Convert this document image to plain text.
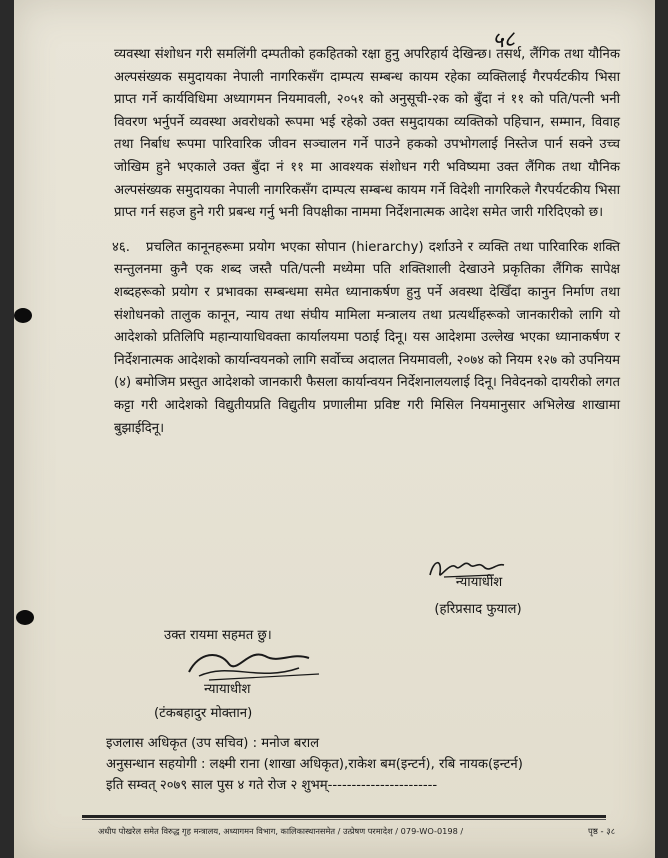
५८

व्यवस्था संशोधन गरी समलिंगी दम्पतीको हकहितको रक्षा हुनु अपरिहार्य देखिन्छ। तसर्थ, लैंगिक तथा यौनिक अल्पसंख्यक समुदायका नेपाली नागरिकसँग दाम्पत्य सम्बन्ध कायम रहेका व्यक्तिलाई गैरपर्यटकीय भिसा प्राप्त गर्ने कार्यविधिमा अध्यागमन नियमावली, २०५१ को अनुसूची-२क को बुँदा नं ११ को पति/पत्नी भनी विवरण भर्नुपर्ने व्यवस्था अवरोधको रूपमा भई रहेको उक्त समुदायका व्यक्तिको पहिचान, सम्मान, विवाह तथा निर्बाध रूपमा पारिवारिक जीवन सञ्चालन गर्ने पाउने हकको उपभोगलाई निस्तेज पार्न सक्ने उच्च जोखिम हुने भएकाले उक्त बुँदा नं ११ मा आवश्यक संशोधन गरी भविष्यमा उक्त लैंगिक तथा यौनिक अल्पसंख्यक समुदायका नेपाली नागरिकसँग दाम्पत्य सम्बन्ध कायम गर्ने विदेशी नागरिकले गैरपर्यटकीय भिसा प्राप्त गर्न सहज हुने गरी प्रबन्ध गर्नु भनी विपक्षीका नाममा निर्देशनात्मक आदेश समेत जारी गरिदिएको छ।

४६.	प्रचलित कानूनहरूमा प्रयोग भएका सोपान (hierarchy) दर्शाउने र व्यक्ति तथा पारिवारिक शक्ति सन्तुलनमा कुनै एक शब्द जस्तै पति/पत्नी मध्येमा पति शक्तिशाली देखाउने प्रकृतिका लैंगिक सापेक्ष शब्दहरूको प्रयोग र प्रभावका सम्बन्धमा समेत ध्यानाकर्षण हुनु पर्ने अवस्था देखिँदा कानुन निर्माण तथा संशोधनको तालुक कानून, न्याय तथा संघीय मामिला मन्त्रालय तथा प्रत्यर्थीहरूको जानकारीको लागि यो आदेशको प्रतिलिपि महान्यायाधिवक्ता कार्यालयमा पठाई दिनू। यस आदेशमा उल्लेख भएका ध्यानाकर्षण र निर्देशनात्मक आदेशको कार्यान्वयनको लागि सर्वोच्च अदालत नियमावली, २०७४ को नियम १२७ को उपनियम (४) बमोजिम प्रस्तुत आदेशको जानकारी फैसला कार्यान्वयन निर्देशनालयलाई दिनू। निवेदनको दायरीको लगत कट्टा गरी आदेशको विद्युतीयप्रति विद्युतीय प्रणालीमा प्रविष्ट गरी मिसिल नियमानुसार अभिलेख शाखामा बुझाईदिनू।
न्यायाधीश
(हरिप्रसाद फुयाल)
उक्त रायमा सहमत छु।
न्यायाधीश
(टंकबहादुर मोक्तान)
इजलास अधिकृत (उप सचिव) : मनोज बराल
अनुसन्धान सहयोगी : लक्ष्मी राना (शाखा अधिकृत),राकेश बम(इन्टर्न), रबि नायक(इन्टर्न)
इति सम्वत् २०७९ साल पुस ४ गते रोज २ शुभम्-----------------------
अधीप पोखरेल समेत विरुद्ध गृह मन्त्रालय, अध्यागमन विभाग, कालिकास्थानसमेत / उत्प्रेषण परमादेश / 079-WO-0198 /	पृष्ठ - ३८
